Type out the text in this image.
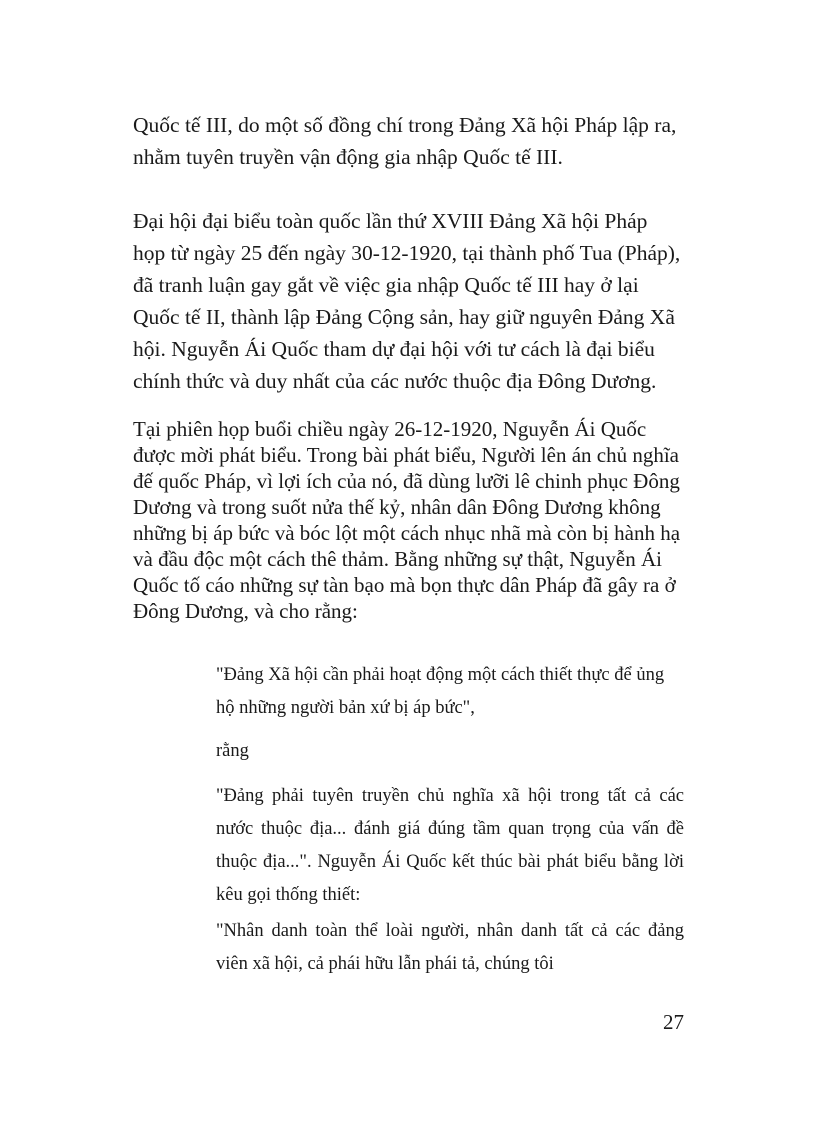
Quốc tế III, do một số đồng chí trong Đảng Xã hội Pháp lập ra, nhằm tuyên truyền vận động gia nhập Quốc tế III.

Đại hội đại biểu toàn quốc lần thứ XVIII Đảng Xã hội Pháp họp từ ngày 25 đến ngày 30-12-1920, tại thành phố Tua (Pháp), đã tranh luận gay gắt về việc gia nhập Quốc tế III hay ở lại Quốc tế II, thành lập Đảng Cộng sản, hay giữ nguyên Đảng Xã hội. Nguyễn Ái Quốc tham dự đại hội với tư cách là đại biểu chính thức và duy nhất của các nước thuộc địa Đông Dương.

Tại phiên họp buổi chiều ngày 26-12-1920, Nguyễn Ái Quốc được mời phát biểu. Trong bài phát biểu, Người lên án chủ nghĩa đế quốc Pháp, vì lợi ích của nó, đã dùng lưỡi lê chinh phục Đông Dương và trong suốt nửa thế kỷ, nhân dân Đông Dương không những bị áp bức và bóc lột một cách nhục nhã mà còn bị hành hạ và đầu độc một cách thê thảm. Bằng những sự thật, Nguyễn Ái Quốc tố cáo những sự tàn bạo mà bọn thực dân Pháp đã gây ra ở Đông Dương, và cho rằng:

"Đảng Xã hội cần phải hoạt động một cách thiết thực để ủng hộ những người bản xứ bị áp bức",

rằng

"Đảng phải tuyên truyền chủ nghĩa xã hội trong tất cả các nước thuộc địa... đánh giá đúng tầm quan trọng của vấn đề thuộc địa...". Nguyễn Ái Quốc kết thúc bài phát biểu bằng lời kêu gọi thống thiết:

"Nhân danh toàn thể loài người, nhân danh tất cả các đảng viên xã hội, cả phái hữu lẫn phái tả, chúng tôi

27
